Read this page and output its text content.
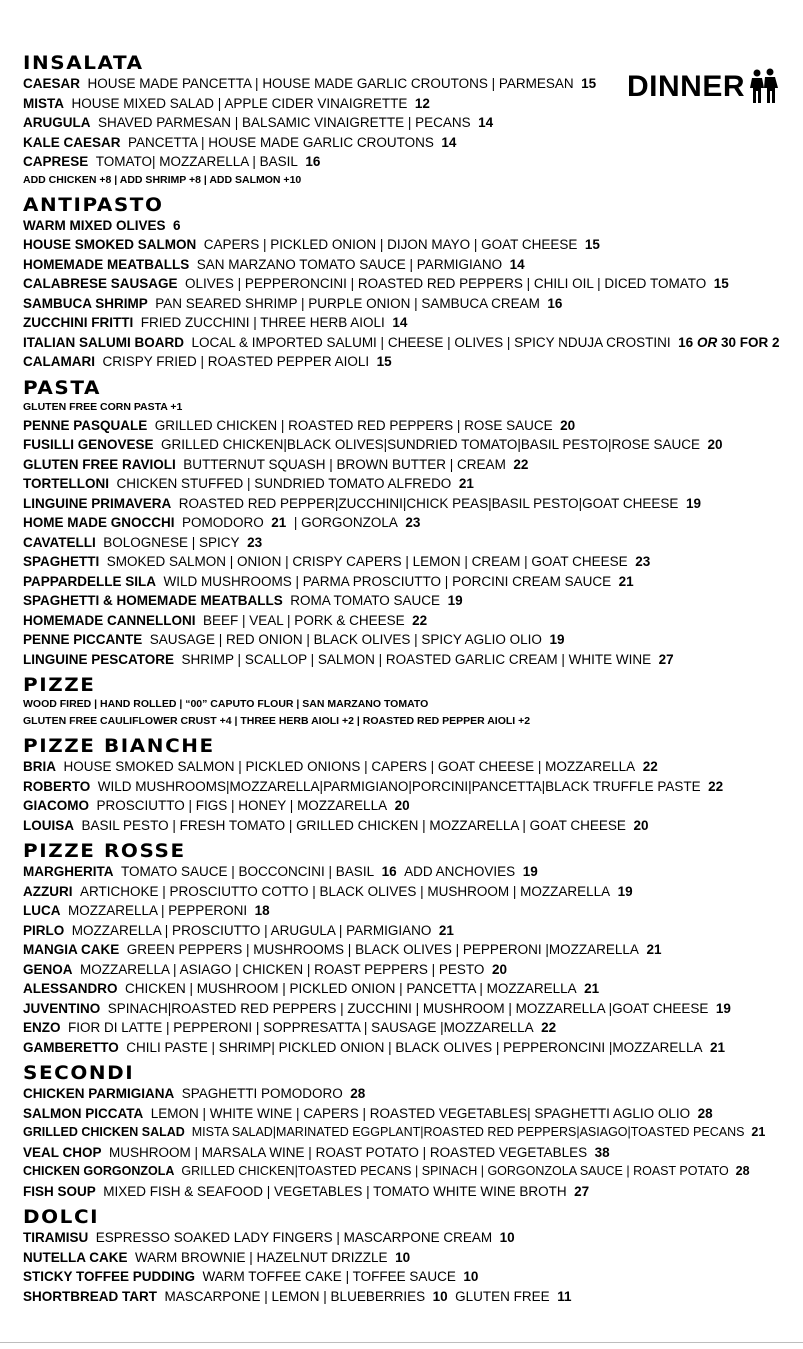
DINNER
INSALATA
CAESAR HOUSE MADE PANCETTA | HOUSE MADE GARLIC CROUTONS | PARMESAN 15
MISTA HOUSE MIXED SALAD | APPLE CIDER VINAIGRETTE 12
ARUGULA SHAVED PARMESAN | BALSAMIC VINAIGRETTE | PECANS 14
KALE CAESAR PANCETTA | HOUSE MADE GARLIC CROUTONS 14
CAPRESE TOMATO| MOZZARELLA | BASIL 16
ADD CHICKEN +8 | ADD SHRIMP +8 | ADD SALMON +10
ANTIPASTO
WARM MIXED OLIVES 6
HOUSE SMOKED SALMON CAPERS | PICKLED ONION | DIJON MAYO | GOAT CHEESE 15
HOMEMADE MEATBALLS SAN MARZANO TOMATO SAUCE | PARMIGIANO 14
CALABRESE SAUSAGE OLIVES | PEPPERONCINI | ROASTED RED PEPPERS | CHILI OIL | DICED TOMATO 15
SAMBUCA SHRIMP PAN SEARED SHRIMP | PURPLE ONION | SAMBUCA CREAM 16
ZUCCHINI FRITTI FRIED ZUCCHINI | THREE HERB AIOLI 14
ITALIAN SALUMI BOARD LOCAL & IMPORTED SALUMI | CHEESE | OLIVES | SPICY NDUJA CROSTINI 16 OR 30 FOR 2
CALAMARI CRISPY FRIED | ROASTED PEPPER AIOLI 15
PASTA
GLUTEN FREE CORN PASTA +1
PENNE PASQUALE GRILLED CHICKEN | ROASTED RED PEPPERS | ROSE SAUCE 20
FUSILLI GENOVESE GRILLED CHICKEN|BLACK OLIVES|SUNDRIED TOMATO|BASIL PESTO|ROSE SAUCE 20
GLUTEN FREE RAVIOLI BUTTERNUT SQUASH | BROWN BUTTER | CREAM 22
TORTELLONI CHICKEN STUFFED | SUNDRIED TOMATO ALFREDO 21
LINGUINE PRIMAVERA ROASTED RED PEPPER|ZUCCHINI|CHICK PEAS|BASIL PESTO|GOAT CHEESE 19
HOME MADE GNOCCHI POMODORO 21 | GORGONZOLA 23
CAVATELLI BOLOGNESE | SPICY 23
SPAGHETTI SMOKED SALMON | ONION | CRISPY CAPERS | LEMON | CREAM | GOAT CHEESE 23
PAPPARDELLE SILA WILD MUSHROOMS | PARMA PROSCIUTTO | PORCINI CREAM SAUCE 21
SPAGHETTI & HOMEMADE MEATBALLS ROMA TOMATO SAUCE 19
HOMEMADE CANNELLONI BEEF | VEAL | PORK & CHEESE 22
PENNE PICCANTE SAUSAGE | RED ONION | BLACK OLIVES | SPICY AGLIO OLIO 19
LINGUINE PESCATORE SHRIMP | SCALLOP | SALMON | ROASTED GARLIC CREAM | WHITE WINE 27
PIZZE
WOOD FIRED | HAND ROLLED | “00” CAPUTO FLOUR | SAN MARZANO TOMATO
GLUTEN FREE CAULIFLOWER CRUST +4 | THREE HERB AIOLI +2 | ROASTED RED PEPPER AIOLI +2
PIZZE BIANCHE
BRIA HOUSE SMOKED SALMON | PICKLED ONIONS | CAPERS | GOAT CHEESE | MOZZARELLA 22
ROBERTO WILD MUSHROOMS|MOZZARELLA|PARMIGIANO|PORCINI|PANCETTA|BLACK TRUFFLE PASTE 22
GIACOMO PROSCIUTTO | FIGS | HONEY | MOZZARELLA 20
LOUISA BASIL PESTO | FRESH TOMATO | GRILLED CHICKEN | MOZZARELLA | GOAT CHEESE 20
PIZZE ROSSE
MARGHERITA TOMATO SAUCE | BOCCONCINI | BASIL 16 ADD ANCHOVIES 19
AZZURI ARTICHOKE | PROSCIUTTO COTTO | BLACK OLIVES | MUSHROOM | MOZZARELLA 19
LUCA MOZZARELLA | PEPPERONI 18
PIRLO MOZZARELLA | PROSCIUTTO | ARUGULA | PARMIGIANO 21
MANGIA CAKE GREEN PEPPERS | MUSHROOMS | BLACK OLIVES | PEPPERONI |MOZZARELLA 21
GENOA MOZZARELLA | ASIAGO | CHICKEN | ROAST PEPPERS | PESTO 20
ALESSANDRO CHICKEN | MUSHROOM | PICKLED ONION | PANCETTA | MOZZARELLA 21
JUVENTINO SPINACH|ROASTED RED PEPPERS | ZUCCHINI | MUSHROOM | MOZZARELLA |GOAT CHEESE 19
ENZO FIOR DI LATTE | PEPPERONI | SOPPRESATTA | SAUSAGE |MOZZARELLA 22
GAMBERETTO CHILI PASTE | SHRIMP| PICKLED ONION | BLACK OLIVES | PEPPERONCINI |MOZZARELLA 21
SECONDI
CHICKEN PARMIGIANA SPAGHETTI POMODORO 28
SALMON PICCATA LEMON | WHITE WINE | CAPERS | ROASTED VEGETABLES| SPAGHETTI AGLIO OLIO 28
GRILLED CHICKEN SALAD MISTA SALAD|MARINATED EGGPLANT|ROASTED RED PEPPERS|ASIAGO|TOASTED PECANS 21
VEAL CHOP MUSHROOM | MARSALA WINE | ROAST POTATO | ROASTED VEGETABLES 38
CHICKEN GORGONZOLA GRILLED CHICKEN|TOASTED PECANS | SPINACH | GORGONZOLA SAUCE | ROAST POTATO 28
FISH SOUP MIXED FISH & SEAFOOD | VEGETABLES | TOMATO WHITE WINE BROTH 27
DOLCI
TIRAMISU ESPRESSO SOAKED LADY FINGERS | MASCARPONE CREAM 10
NUTELLA CAKE WARM BROWNIE | HAZELNUT DRIZZLE 10
STICKY TOFFEE PUDDING WARM TOFFEE CAKE | TOFFEE SAUCE 10
SHORTBREAD TART MASCARPONE | LEMON | BLUEBERRIES 10 GLUTEN FREE 11
